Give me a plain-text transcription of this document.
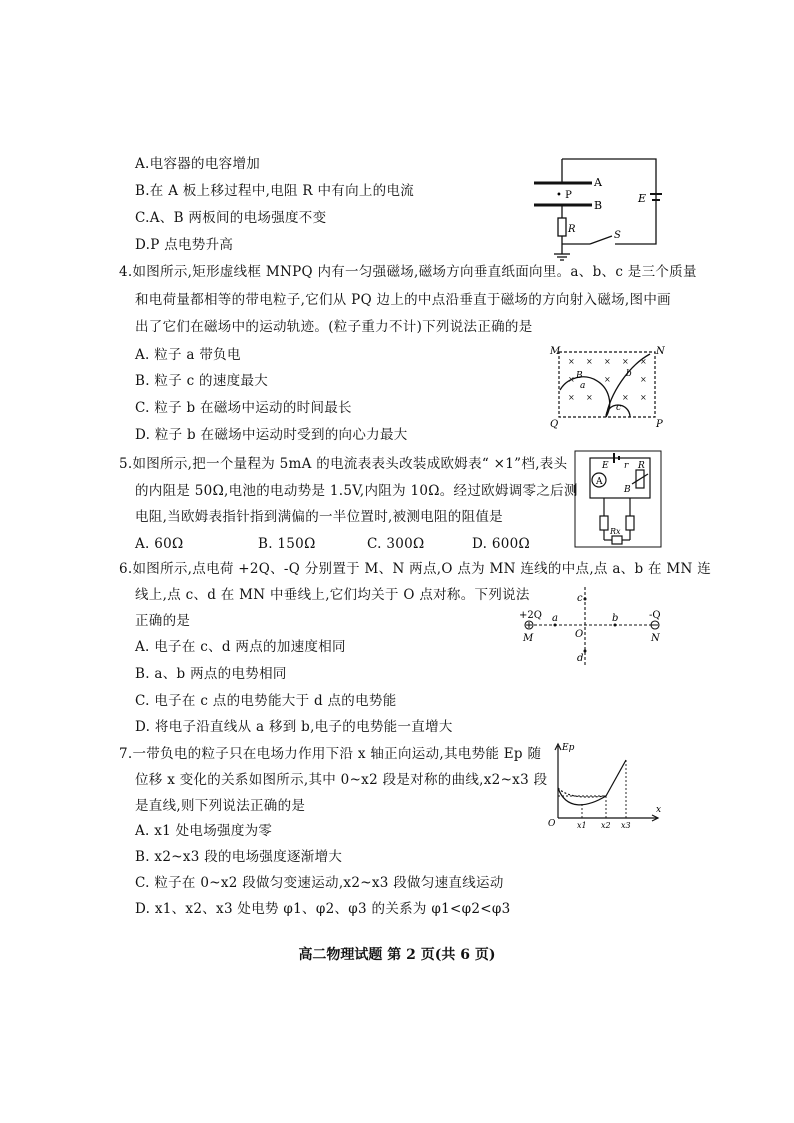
A.电容器的电容增加
B.在 A 板上移过程中,电阻 R 中有向上的电流
C.A、B 两板间的电场强度不变
D.P 点电势升高
A
B
• P	E
R
S
4.如图所示,矩形虚线框 MNPQ 内有一匀强磁场,磁场方向垂直纸面向里。a、b、c 是三个质量
和电荷量都相等的带电粒子,它们从 PQ 边上的中点沿垂直于磁场的方向射入磁场,图中画
出了它们在磁场中的运动轨迹。(粒子重力不计)下列说法正确的是
A. 粒子 a 带负电
B. 粒子 c 的速度最大
C. 粒子 b 在磁场中运动的时间最长
D. 粒子 b 在磁场中运动时受到的向心力最大
× × × × ×
×	×	×
× ×	× ×
M	N
P
Q
B
a
b
c
5.如图所示,把一个量程为 5mA 的电流表表头改装成欧姆表“ ×1”档,表头
的内阻是 50Ω,电池的电动势是 1.5V,内阻为 10Ω。经过欧姆调零之后测
电阻,当欧姆表指针指到满偏的一半位置时,被测电阻的阻值是
A. 60Ω	B. 150Ω	C. 300Ω	D. 600Ω
E r
A
B
R
Rx
6.如图所示,点电荷 +2Q、-Q 分别置于 M、N 两点,O 点为 MN 连线的中点,点 a、b 在 MN 连
线上,点 c、d 在 MN 中垂线上,它们均关于 O 点对称。下列说法
正确的是
A. 电子在 c、d 两点的加速度相同
B. a、b 两点的电势相同
C. 电子在 c 点的电势能大于 d 点的电势能
D. 将电子沿直线从 a 移到 b,电子的电势能一直增大
+2Q	-Q
M	N
O
a	b
c
d
7.一带负电的粒子只在电场力作用下沿 x 轴正向运动,其电势能 Ep 随
位移 x 变化的关系如图所示,其中 0~x2 段是对称的曲线,x2~x3 段
是直线,则下列说法正确的是
A. x1 处电场强度为零
B. x2~x3 段的电场强度逐渐增大
C. 粒子在 0~x2 段做匀变速运动,x2~x3 段做匀速直线运动
D. x1、x2、x3 处电势 φ1、φ2、φ3 的关系为 φ1<φ2<φ3
Ep
x
O	x1 x2 x3
高二物理试题 第 2 页(共 6 页)
